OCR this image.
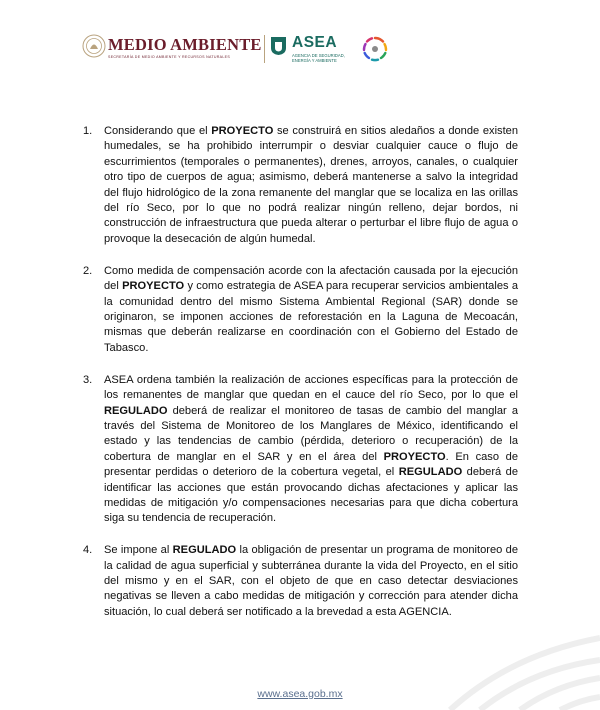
MEDIO AMBIENTE
SECRETARÍA DE MEDIO AMBIENTE Y RECURSOS NATURALES
ASEA
AGENCIA DE SEGURIDAD,
ENERGÍA Y AMBIENTE
1.	Considerando que el PROYECTO se construirá en sitios aledaños a donde existen humedales, se ha prohibido interrumpir o desviar cualquier cauce o flujo de escurrimientos (temporales o permanentes), drenes, arroyos, canales, o cualquier otro tipo de cuerpos de agua; asimismo, deberá mantenerse a salvo la integridad del flujo hidrológico de la zona remanente del manglar que se localiza en las orillas del río Seco, por lo que no podrá realizar ningún relleno, dejar bordos, ni construcción de infraestructura que pueda alterar o perturbar el libre flujo de agua o provoque la desecación de algún humedal.
2.	Como medida de compensación acorde con la afectación causada por la ejecución del PROYECTO y como estrategia de ASEA para recuperar servicios ambientales a la comunidad dentro del mismo Sistema Ambiental Regional (SAR) donde se originaron, se imponen acciones de reforestación en la Laguna de Mecoacán, mismas que deberán realizarse en coordinación con el Gobierno del Estado de Tabasco.
3.	ASEA ordena también la realización de acciones específicas para la protección de los remanentes de manglar que quedan en el cauce del río Seco, por lo que el REGULADO deberá de realizar el monitoreo de tasas de cambio del manglar a través del Sistema de Monitoreo de los Manglares de México, identificando el estado y las tendencias de cambio (pérdida, deterioro o recuperación) de la cobertura de manglar en el SAR y en el área del PROYECTO. En caso de presentar perdidas o deterioro de la cobertura vegetal, el REGULADO deberá de identificar las acciones que están provocando dichas afectaciones y aplicar las medidas de mitigación y/o compensaciones necesarias para que dicha cobertura siga su tendencia de recuperación.
4.	Se impone al REGULADO la obligación de presentar un programa de monitoreo de la calidad de agua superficial y subterránea durante la vida del Proyecto, en el sitio del mismo y en el SAR, con el objeto de que en caso detectar desviaciones negativas se lleven a cabo medidas de mitigación y corrección para atender dicha situación, lo cual deberá ser notificado a la brevedad a esta AGENCIA.
www.asea.gob.mx
